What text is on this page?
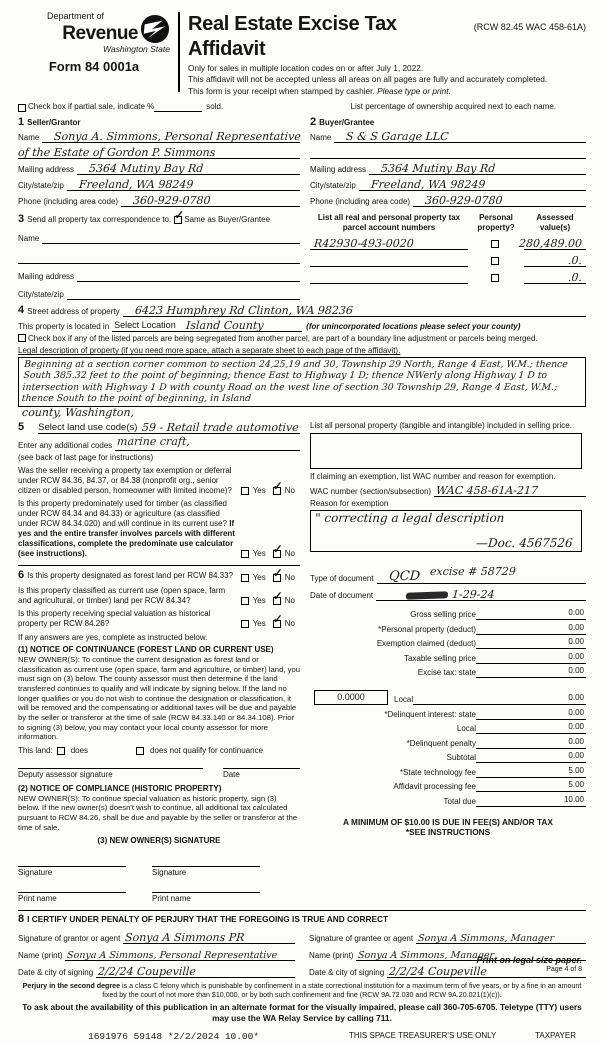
Department of
Revenue
Washington State
Form 84 0001a
Real Estate Excise Tax Affidavit
(RCW 82.45 WAC 458-61A)
Only for sales in multiple location codes on or after July 1, 2022.
This affidavit will not be accepted unless all areas on all pages are fully and accurately completed.
This form is your receipt when stamped by cashier. Please type or print.
Check box if partial sale, indicate %	sold.	List percentage of ownership acquired next to each name.
1 Seller/Grantor
Name Sonya A. Simmons, Personal Representative
of the Estate of Gordon P. Simmons
Mailing address 5364 Mutiny Bay Rd
City/state/zip Freeland, WA 98249
Phone (including area code) 360-929-0780
2 Buyer/Grantee
Name S & S Garage LLC
Mailing address 5364 Mutiny Bay Rd
City/state/zip Freeland, WA 98249
Phone (including area code) 360-929-0780
3 Send all property tax correspondence to. ✓ Same as Buyer/Grantee
Name
Mailing address
City/state/zip
List all real and personal property tax
parcel account numbers
Personal
property?
Assessed
value(s)
R42930-493-0020	280,489.00
.0.
.0.
4 Street address of property 6423 Humphrey Rd Clinton, WA 98236
This property is located in Select Location Island County	(for unincorporated locations please select your county)
Check box if any of the listed parcels are being segregated from another parcel, are part of a boundary line adjustment or parcels being merged.
Legal description of property (if you need more space, attach a separate sheet to each page of the affidavit).
Beginning at a section corner common to section 24,25,19 and 30, Township 29 North, Range 4 East, W.M.; thence South 385.32 feet to the point of beginning; thence East to Highway 1 D; thence NWerly along Highway 1 D to intersection with Highway 1 D with county Road on the west line of section 30 Township 29, Range 4 East, W.M.; thence South to the point of beginning, in Island
county, Washington,
5 Select land use code(s) 59 - Retail trade automotive
Enter any additional codes marine craft,
(see back of last page for instructions)
Was the seller receiving a property tax exemption or deferral under RCW 84.36, 84.37, or 84.38 (nonprofit org., senior citizen or disabled person, homeowner with limited income)?	Yes ✓ No
Is this property predominately used for timber (as classified under RCW 84.34 and 84.33) or agriculture (as classified under RCW 84.34.020) and will continue in its current use? If yes and the entire transfer involves parcels with different classifications, complete the predominate use calculator (see instructions).	Yes ✓ No
List all personal property (tangible and intangible) included in selling price.
If claiming an exemption, list WAC number and reason for exemption.
WAC number (section/subsection) WAC 458-61A-217
Reason for exemption
" correcting a legal description
—Doc. 4567526
6 Is this property designated as forest land per RCW 84.33?	Yes ✓ No
Is this property classified as current use (open space, farm and agricultural, or timber) land per RCW 84.34?	Yes ✓ No
Is this property receiving special valuation as historical property per RCW 84.26?	Yes ✓ No
If any answers are yes, complete as instructed below.
(1) NOTICE OF CONTINUANCE (FOREST LAND OR CURRENT USE)
NEW OWNER(S): To continue the current designation as forest land or classification as current use (open space, farm and agriculture, or timber) land, you must sign on (3) below. The county assessor must then determine if the land transferred continues to qualify and will indicate by signing below. If the land no longer qualifies or you do not wish to continue the designation or classification, it will be removed and the compensating or additional taxes will be due and payable by the seller or transferor at the time of sale (RCW 84.33.140 or 84.34.108). Prior to signing (3) below, you may contact your local county assessor for more information.
This land: does	does not qualify for continuance
Deputy assessor signature	Date
(2) NOTICE OF COMPLIANCE (HISTORIC PROPERTY)
NEW OWNER(S): To continue special valuation as historic property, sign (3) below. If the new owner(s) doesn't wish to continue, all additional tax calculated pursuant to RCW 84.26, shall be due and payable by the seller or transferor at the time of sale.
(3) NEW OWNER(S) SIGNATURE
Signature
Print name
Signature
Print name
excise # 58729
Type of document QCD
Date of document	1-29-24
Gross selling price	0.00
*Personal property (deduct)	0.00
Exemption claimed (deduct)	0.00
Taxable selling price	0.00
Excise tax: state	0.00
0.0000	Local	0.00
*Delinquent interest: state	0.00
Local	0.00
*Delinquent penalty	0.00
Subtotal	0.00
*State technology fee	5.00
Affidavit processing fee	5.00
Total due	10.00
A MINIMUM OF $10.00 IS DUE IN FEE(S) AND/OR TAX
*SEE INSTRUCTIONS
8 I CERTIFY UNDER PENALTY OF PERJURY THAT THE FOREGOING IS TRUE AND CORRECT
Signature of grantor or agent Sonya A Simmons PR
Name (print) Sonya A Simmons, Personal Representative
Date & city of signing 2/2/24 Coupeville
Signature of grantee or agent Sonya A Simmons, Manager
Name (print) Sonya A Simmons, Manager
Date & city of signing 2/2/24 Coupeville
Perjury in the second degree is a class C felony which is punishable by confinement in a state correctional institution for a maximum term of five years, or by a fine in an amount fixed by the court of not more than $10,000, or by both such confinement and fine (RCW 9A.72.030 and RCW 9A.20.021(1)(c)).
To ask about the availability of this publication in an alternate format for the visually impaired, please call 360-705-6705. Teletype (TTY) users may use the WA Relay Service by calling 711.
1691976 59148 *2/2/2024 10.00*	THIS SPACE TREASURER'S USE ONLY	TAXPAYER
Print on legal size paper.
Page 4 of 8
